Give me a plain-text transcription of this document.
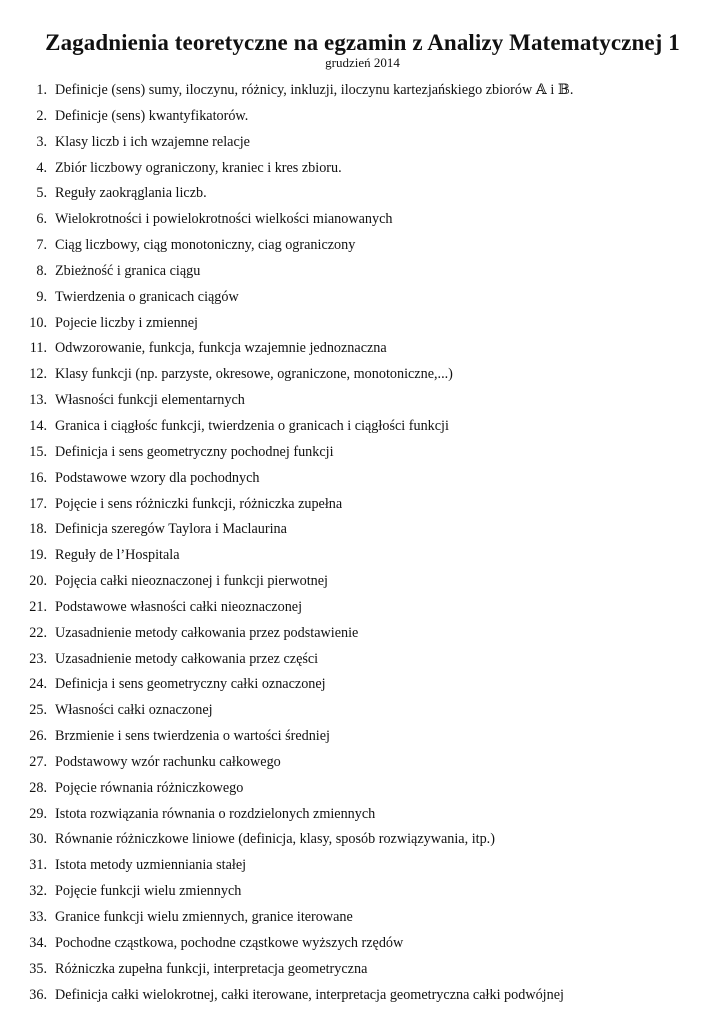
Zagadnienia teoretyczne na egzamin z Analizy Matematycznej 1
grudzień 2014
1. Definicje (sens) sumy, iloczynu, różnicy, inkluzji, iloczynu kartezjańskiego zbiorów 𝔸 i 𝔹.
2. Definicje (sens) kwantyfikatorów.
3. Klasy liczb i ich wzajemne relacje
4. Zbiór liczbowy ograniczony, kraniec i kres zbioru.
5. Reguły zaokrąglania liczb.
6. Wielokrotności i powielokrotności wielkości mianowanych
7. Ciąg liczbowy, ciąg monotoniczny, ciag ograniczony
8. Zbieżność i granica ciągu
9. Twierdzenia o granicach ciągów
10. Pojecie liczby i zmiennej
11. Odwzorowanie, funkcja, funkcja wzajemnie jednoznaczna
12. Klasy funkcji (np. parzyste, okresowe, ograniczone, monotoniczne,...)
13. Własności funkcji elementarnych
14. Granica i ciągłośc funkcji, twierdzenia o granicach i ciągłości funkcji
15. Definicja i sens geometryczny pochodnej funkcji
16. Podstawowe wzory dla pochodnych
17. Pojęcie i sens różniczki funkcji, różniczka zupełna
18. Definicja szeregów Taylora i Maclaurina
19. Reguły de l’Hospitala
20. Pojęcia całki nieoznaczonej i funkcji pierwotnej
21. Podstawowe własności całki nieoznaczonej
22. Uzasadnienie metody całkowania przez podstawienie
23. Uzasadnienie metody całkowania przez części
24. Definicja i sens geometryczny całki oznaczonej
25. Własności całki oznaczonej
26. Brzmienie i sens twierdzenia o wartości średniej
27. Podstawowy wzór rachunku całkowego
28. Pojęcie równania różniczkowego
29. Istota rozwiązania równania o rozdzielonych zmiennych
30. Równanie różniczkowe liniowe (definicja, klasy, sposób rozwiązywania, itp.)
31. Istota metody uzmienniania stałej
32. Pojęcie funkcji wielu zmiennych
33. Granice funkcji wielu zmiennych, granice iterowane
34. Pochodne cząstkowa, pochodne cząstkowe wyższych rzędów
35. Różniczka zupełna funkcji, interpretacja geometryczna
36. Definicja całki wielokrotnej, całki iterowane, interpretacja geometryczna całki podwójnej
